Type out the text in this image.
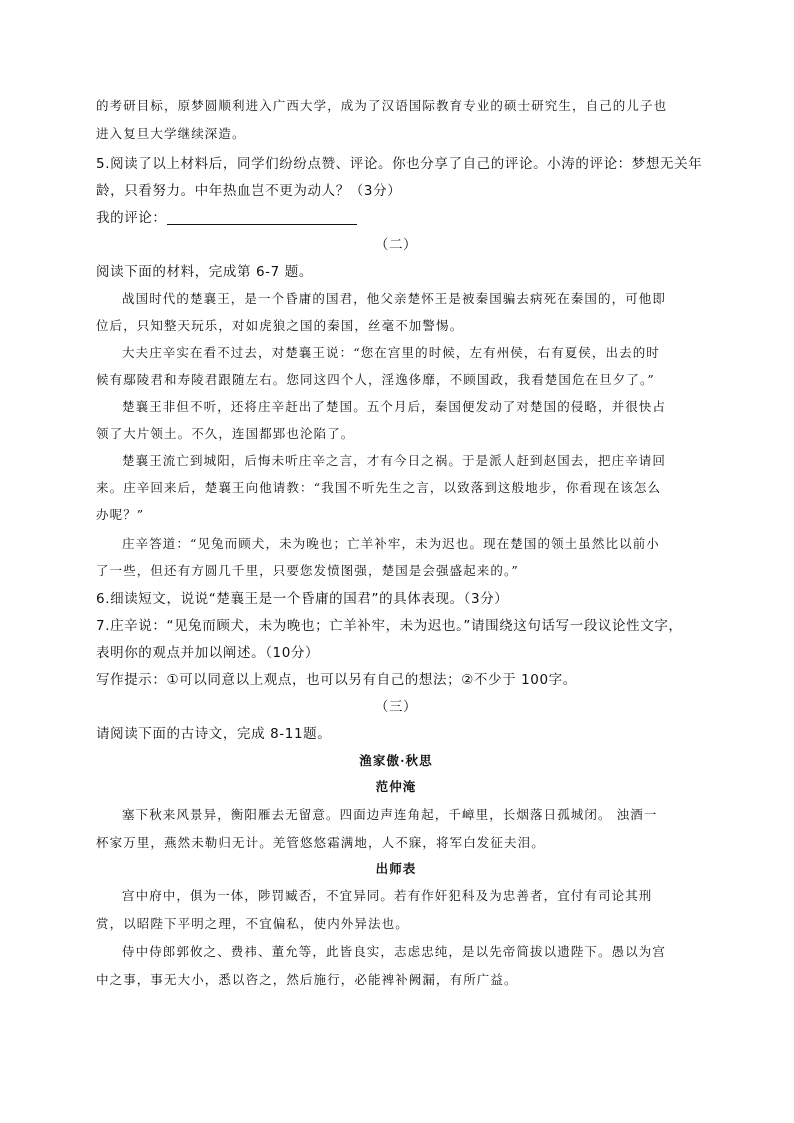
的考研目标，原梦圆顺利进入广西大学，成为了汉语国际教育专业的硕士研究生，自己的儿子也
进入复旦大学继续深造。
5.阅读了以上材料后，同学们纷纷点赞、评论。你也分享了自己的评论。小涛的评论：梦想无关年
龄，只看努力。中年热血岂不更为动人？（3分）
我的评论：
（二）
阅读下面的材料，完成第 6-7 题。
战国时代的楚襄王，是一个昏庸的国君，他父亲楚怀王是被秦国骗去病死在秦国的，可他即
位后，只知整天玩乐，对如虎狼之国的秦国，丝毫不加警惕。
大夫庄辛实在看不过去，对楚襄王说：“您在宫里的时候，左有州侯，右有夏侯，出去的时
候有鄢陵君和寿陵君跟随左右。您同这四个人，淫逸侈靡，不顾国政，我看楚国危在旦夕了。”
楚襄王非但不听，还将庄辛赶出了楚国。五个月后，秦国便发动了对楚国的侵略，并很快占
领了大片领土。不久，连国都郢也沦陷了。
楚襄王流亡到城阳，后悔未听庄辛之言，才有今日之祸。于是派人赶到赵国去，把庄辛请回
来。庄辛回来后，楚襄王向他请教：“我国不听先生之言，以致落到这般地步，你看现在该怎么
办呢？”
庄辛答道：“见兔而顾犬，未为晚也；亡羊补牢，未为迟也。现在楚国的领土虽然比以前小
了一些，但还有方圆几千里，只要您发愤图强，楚国是会强盛起来的。”
6.细读短文，说说“楚襄王是一个昏庸的国君”的具体表现。（3分）
7.庄辛说：“见兔而顾犬，未为晚也；亡羊补牢，未为迟也。”请围绕这句话写一段议论性文字，
表明你的观点并加以阐述。（10分）
写作提示：①可以同意以上观点，也可以另有自己的想法；②不少于 100字。
（三）
请阅读下面的古诗文，完成 8-11题。
渔家傲·秋思
范仲淹
塞下秋来风景异，衡阳雁去无留意。四面边声连角起，千嶂里，长烟落日孤城闭。 浊酒一
杯家万里，燕然未勒归无计。羌管悠悠霜满地，人不寐，将军白发征夫泪。
出师表
宫中府中，俱为一体，陟罚臧否，不宜异同。若有作奸犯科及为忠善者，宜付有司论其刑
赏，以昭陛下平明之理，不宜偏私，使内外异法也。
侍中侍郎郭攸之、费祎、董允等，此皆良实，志虑忠纯，是以先帝简拔以遗陛下。愚以为宫
中之事，事无大小，悉以咨之，然后施行，必能裨补阙漏，有所广益。
